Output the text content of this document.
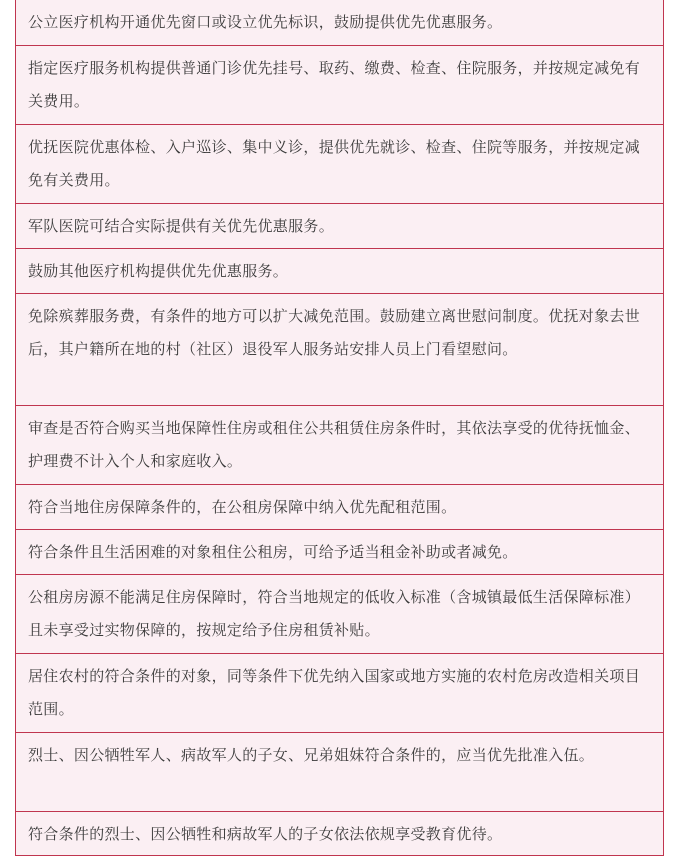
公立医疗机构开通优先窗口或设立优先标识，鼓励提供优先优惠服务。
指定医疗服务机构提供普通门诊优先挂号、取药、缴费、检查、住院服务，并按规定减免有关费用。
优抚医院优惠体检、入户巡诊、集中义诊，提供优先就诊、检查、住院等服务，并按规定减免有关费用。
军队医院可结合实际提供有关优先优惠服务。
鼓励其他医疗机构提供优先优惠服务。
免除殡葬服务费，有条件的地方可以扩大减免范围。鼓励建立离世慰问制度。优抚对象去世后，其户籍所在地的村（社区）退役军人服务站安排人员上门看望慰问。
审查是否符合购买当地保障性住房或租住公共租赁住房条件时，其依法享受的优待抚恤金、护理费不计入个人和家庭收入。
符合当地住房保障条件的，在公租房保障中纳入优先配租范围。
符合条件且生活困难的对象租住公租房，可给予适当租金补助或者减免。
公租房房源不能满足住房保障时，符合当地规定的低收入标准（含城镇最低生活保障标准）且未享受过实物保障的，按规定给予住房租赁补贴。
居住农村的符合条件的对象，同等条件下优先纳入国家或地方实施的农村危房改造相关项目范围。
烈士、因公牺牲军人、病故军人的子女、兄弟姐妹符合条件的，应当优先批准入伍。
符合条件的烈士、因公牺牲和病故军人的子女依法依规享受教育优待。
